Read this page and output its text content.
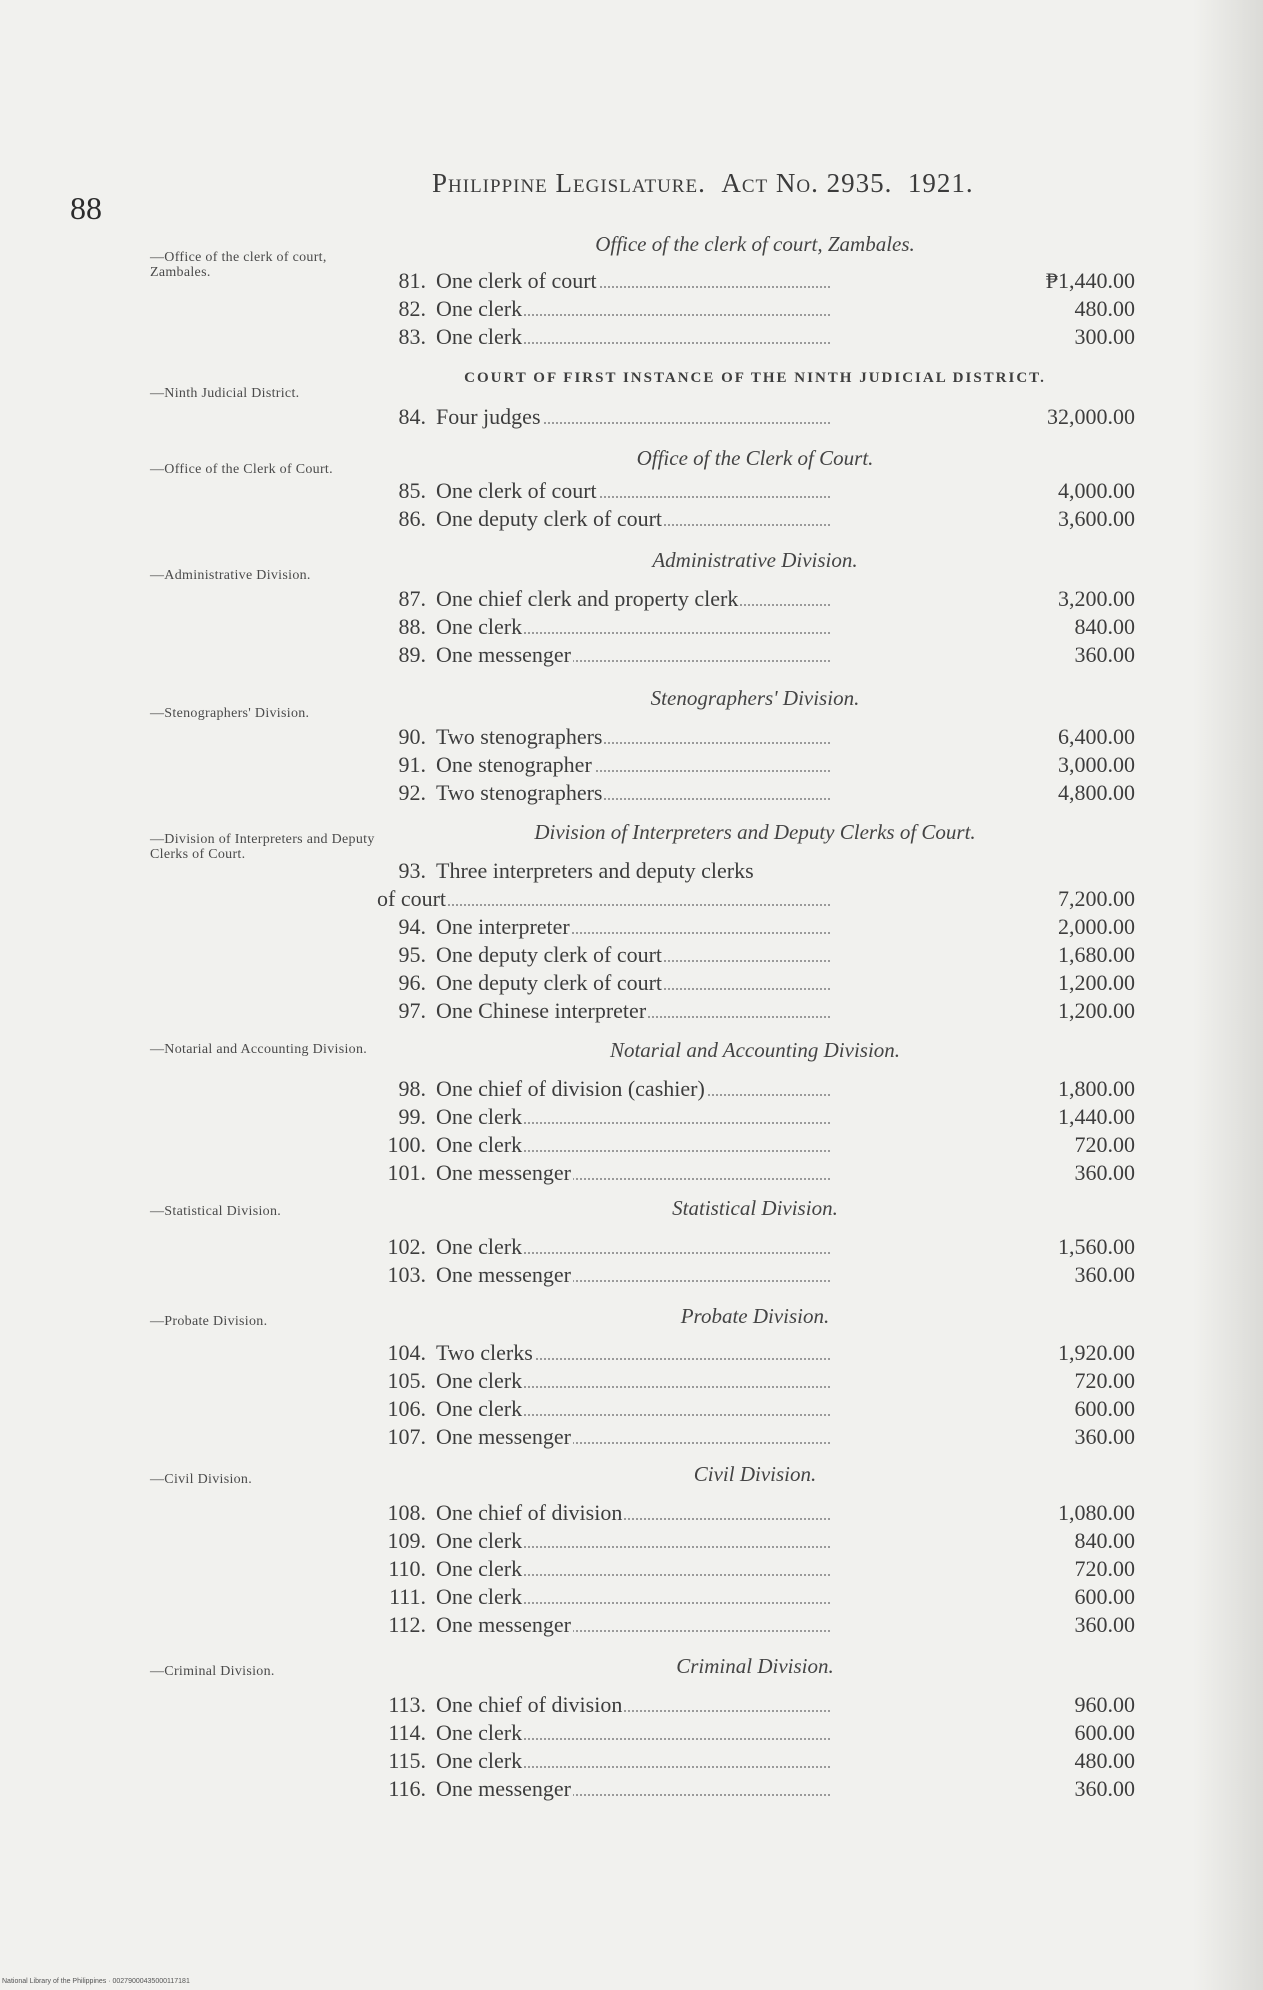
88
Philippine Legislature. Act No. 2935. 1921.
—Office of the clerk of court, Zambales.
—Ninth Judicial District.
—Office of the Clerk of Court.
—Administrative Division.
—Stenographers' Division.
—Division of Interpreters and Deputy Clerks of Court.
—Notarial and Accounting Division.
—Statistical Division.
—Probate Division.
—Civil Division.
—Criminal Division.
Office of the clerk of court, Zambales.
81. One clerk of court	₱1,440.00
82. One clerk	480.00
83. One clerk	300.00
COURT OF FIRST INSTANCE OF THE NINTH JUDICIAL DISTRICT.
84. Four judges	32,000.00
Office of the Clerk of Court.
85. One clerk of court	4,000.00
86. One deputy clerk of court	3,600.00
Administrative Division.
87. One chief clerk and property clerk	3,200.00
88. One clerk	840.00
89. One messenger	360.00
Stenographers' Division.
90. Two stenographers	6,400.00
91. One stenographer	3,000.00
92. Two stenographers	4,800.00
Division of Interpreters and Deputy Clerks of Court.
93. Three interpreters and deputy clerks
of court	7,200.00
94. One interpreter	2,000.00
95. One deputy clerk of court	1,680.00
96. One deputy clerk of court	1,200.00
97. One Chinese interpreter	1,200.00
Notarial and Accounting Division.
98. One chief of division (cashier)	1,800.00
99. One clerk	1,440.00
100. One clerk	720.00
101. One messenger	360.00
Statistical Division.
102. One clerk	1,560.00
103. One messenger	360.00
Probate Division.
104. Two clerks	1,920.00
105. One clerk	720.00
106. One clerk	600.00
107. One messenger	360.00
Civil Division.
108. One chief of division	1,080.00
109. One clerk	840.00
110. One clerk	720.00
111. One clerk	600.00
112. One messenger	360.00
Criminal Division.
113. One chief of division	960.00
114. One clerk	600.00
115. One clerk	480.00
116. One messenger	360.00
National Library of the Philippines · 00279000435000117181
